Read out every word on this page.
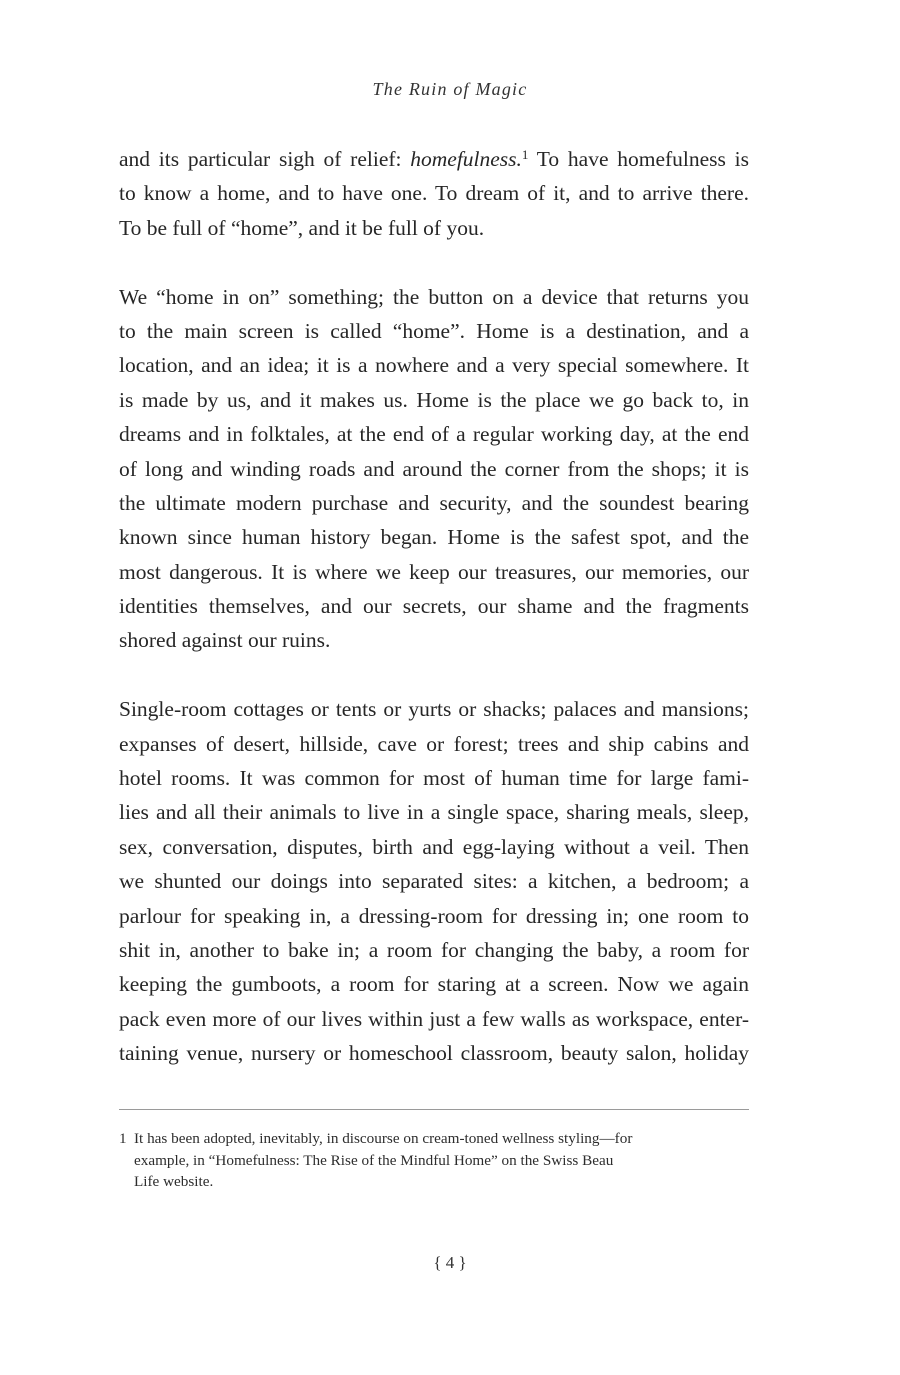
The Ruin of Magic
and its particular sigh of relief: homefulness.$^1$ To have homefulness is
to know a home, and to have one. To dream of it, and to arrive there.
To be full of “home”, and it be full of you.
We “home in on” something; the button on a device that returns you
to the main screen is called “home”. Home is a destination, and a
location, and an idea; it is a nowhere and a very special somewhere. It
is made by us, and it makes us. Home is the place we go back to, in
dreams and in folktales, at the end of a regular working day, at the end
of long and winding roads and around the corner from the shops; it is
the ultimate modern purchase and security, and the soundest bearing
known since human history began. Home is the safest spot, and the
most dangerous. It is where we keep our treasures, our memories, our
identities themselves, and our secrets, our shame and the fragments
shored against our ruins.
Single-room cottages or tents or yurts or shacks; palaces and mansions;
expanses of desert, hillside, cave or forest; trees and ship cabins and
hotel rooms. It was common for most of human time for large fami-
lies and all their animals to live in a single space, sharing meals, sleep,
sex, conversation, disputes, birth and egg-laying without a veil. Then
we shunted our doings into separated sites: a kitchen, a bedroom; a
parlour for speaking in, a dressing-room for dressing in; one room to
shit in, another to bake in; a room for changing the baby, a room for
keeping the gumboots, a room for staring at a screen. Now we again
pack even more of our lives within just a few walls as workspace, enter-
taining venue, nursery or homeschool classroom, beauty salon, holiday
1 It has been adopted, inevitably, in discourse on cream-toned wellness styling—for
example, in “Homefulness: The Rise of the Mindful Home” on the Swiss Beau
Life website.
{ 4 }
